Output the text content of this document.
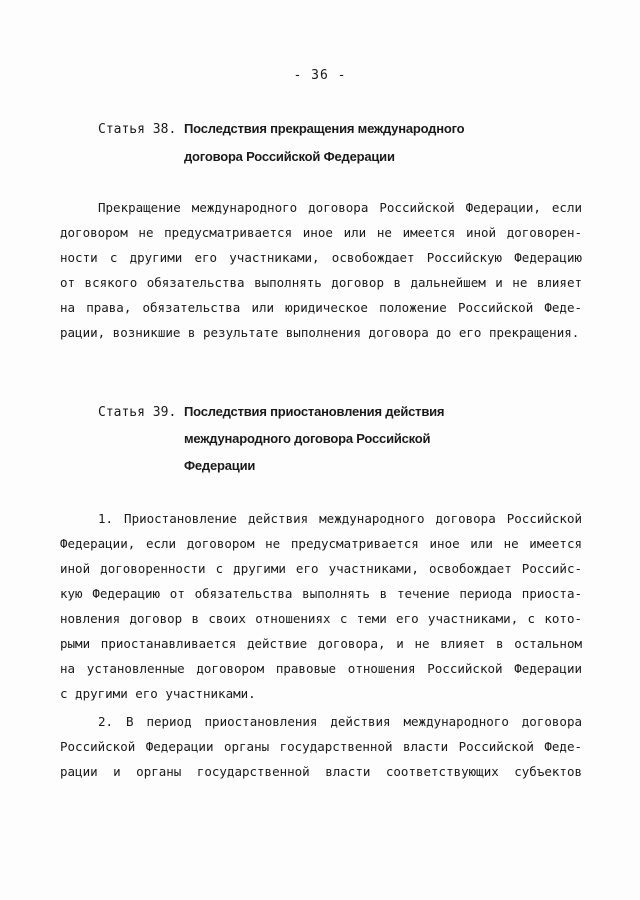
- 36 -
Статья 38. Последствия прекращения международного
договора Российской Федерации
Прекращение международного договора Российской Федерации, если
договором не предусматривается иное или не имеется иной договорен-
ности с другими его участниками, освобождает Российскую Федерацию
от всякого обязательства выполнять договор в дальнейшем и не влияет
на права, обязательства или юридическое положение Российской Феде-
рации, возникшие в результате выполнения договора до его прекращения.
Статья 39. Последствия приостановления действия
международного договора Российской
Федерации
1. Приостановление действия международного договора Российской
Федерации, если договором не предусматривается иное или не имеется
иной договоренности с другими его участниками, освобождает Российс-
кую Федерацию от обязательства выполнять в течение периода приоста-
новления договор в своих отношениях с теми его участниками, с кото-
рыми приостанавливается действие договора, и не влияет в остальном
на установленные договором правовые отношения Российской Федерации
с другими его участниками.
2. В период приостановления действия международного договора
Российской Федерации органы государственной власти Российской Феде-
рации и органы государственной власти соответствующих субъектов
